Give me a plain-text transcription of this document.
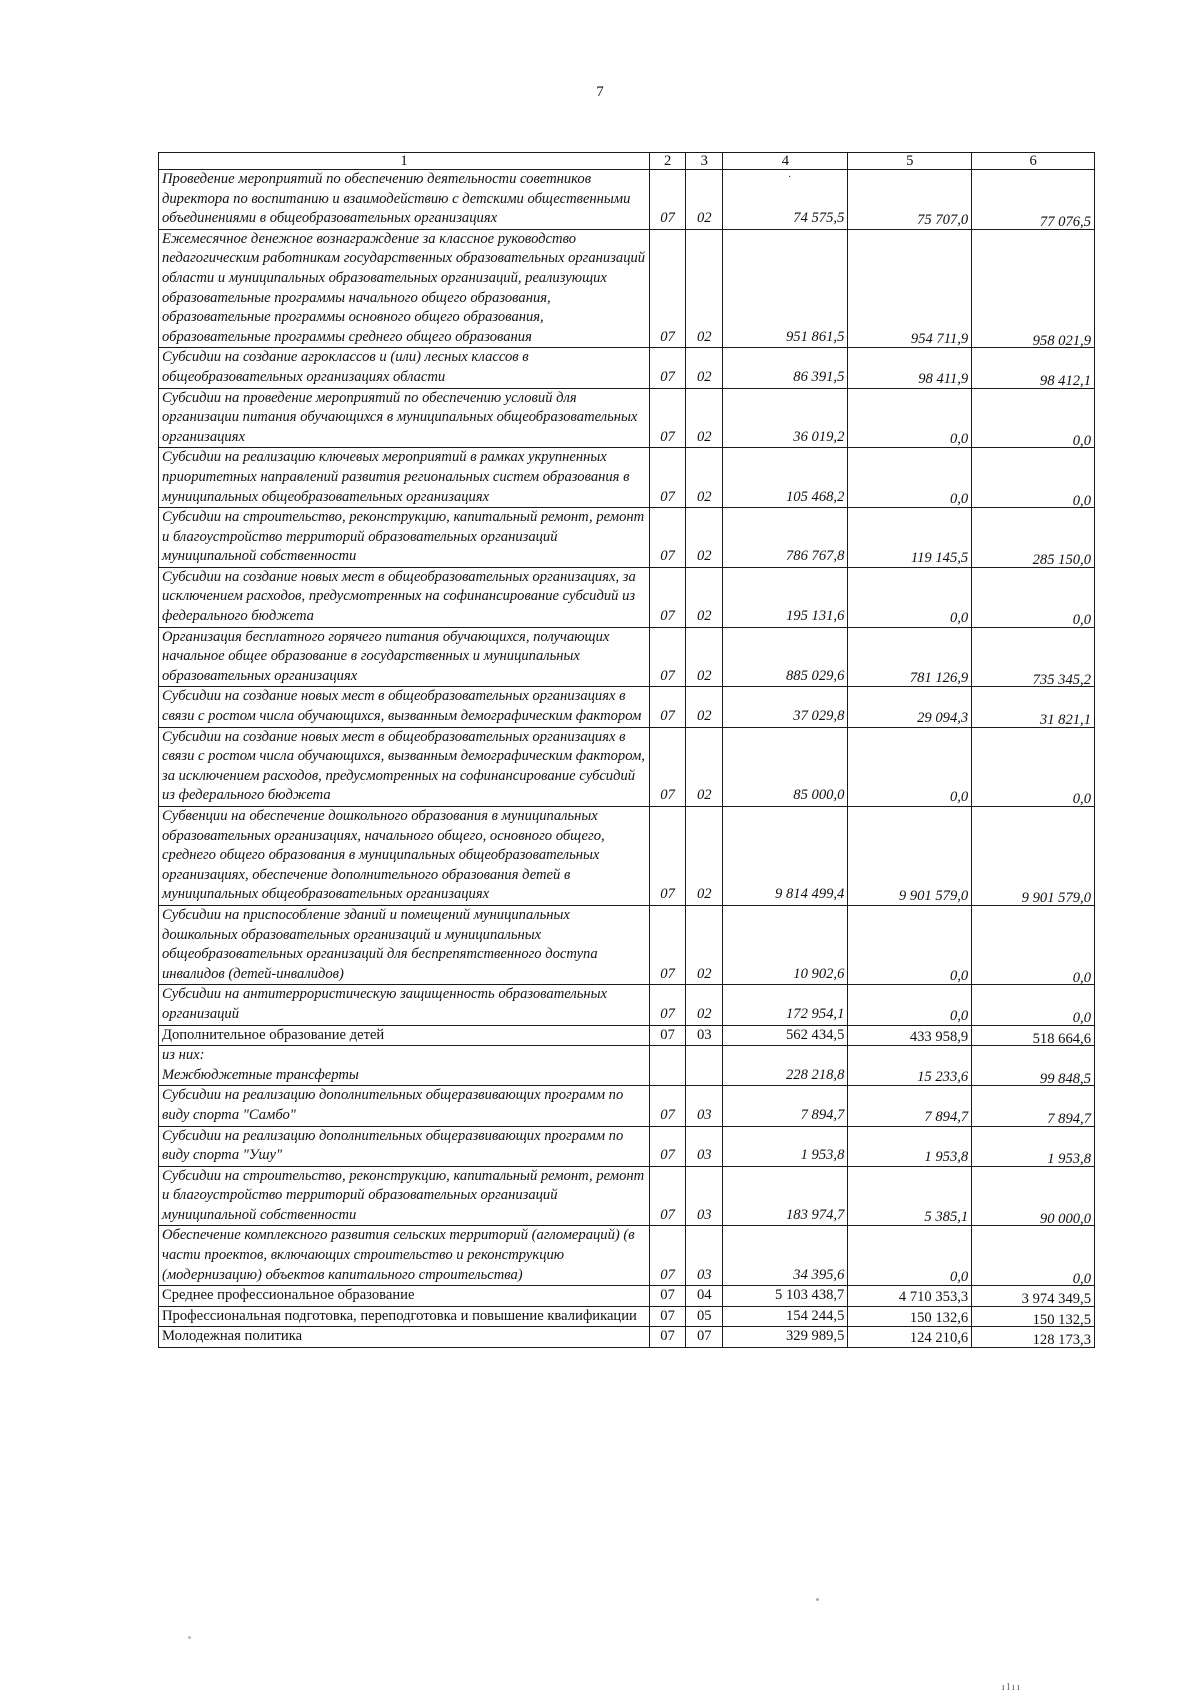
7
·
1	2	3	4	5	6
Проведение мероприятий по обеспечению деятельности советников директора по воспитанию и взаимодействию с детскими общественными объединениями в общеобразовательных организациях	07	02	74 575,5	75 707,0	77 076,5
Ежемесячное денежное вознаграждение за классное руководство педагогическим работникам государственных образовательных организаций области и муниципальных образовательных организаций, реализующих образовательные программы начального общего образования, образовательные программы основного общего образования, образовательные программы среднего общего образования	07	02	951 861,5	954 711,9	958 021,9
Субсидии на создание агроклассов и (или) лесных классов в общеобразовательных организациях области	07	02	86 391,5	98 411,9	98 412,1
Субсидии на проведение мероприятий по обеспечению условий для организации питания обучающихся в муниципальных общеобразовательных организациях	07	02	36 019,2	0,0	0,0
Субсидии на реализацию ключевых мероприятий в рамках укрупненных приоритетных направлений развития региональных систем образования в муниципальных общеобразовательных организациях	07	02	105 468,2	0,0	0,0
Субсидии на строительство, реконструкцию, капитальный ремонт, ремонт и благоустройство территорий образовательных организаций муниципальной собственности	07	02	786 767,8	119 145,5	285 150,0
Субсидии на создание новых мест в общеобразовательных организациях, за исключением расходов, предусмотренных на софинансирование субсидий из федерального бюджета	07	02	195 131,6	0,0	0,0
Организация бесплатного горячего питания обучающихся, получающих начальное общее образование в государственных и муниципальных образовательных организациях	07	02	885 029,6	781 126,9	735 345,2
Субсидии на создание новых мест в общеобразовательных организациях в связи с ростом числа обучающихся, вызванным демографическим фактором	07	02	37 029,8	29 094,3	31 821,1
Субсидии на создание новых мест в общеобразовательных организациях в связи с ростом числа обучающихся, вызванным демографическим фактором, за исключением расходов, предусмотренных на софинансирование субсидий из федерального бюджета	07	02	85 000,0	0,0	0,0
Субвенции на обеспечение дошкольного образования в муниципальных образовательных организациях, начального общего, основного общего, среднего общего образования в муниципальных общеобразовательных организациях, обеспечение дополнительного образования детей в муниципальных общеобразовательных организациях	07	02	9 814 499,4	9 901 579,0	9 901 579,0
Субсидии на приспособление зданий и помещений муниципальных дошкольных образовательных организаций и муниципальных общеобразовательных организаций для беспрепятственного доступа инвалидов (детей-инвалидов)	07	02	10 902,6	0,0	0,0
Субсидии на антитеррористическую защищенность образовательных организаций	07	02	172 954,1	0,0	0,0
Дополнительное образование детей	07	03	562 434,5	433 958,9	518 664,6
из них:
Межбюджетные трансферты			228 218,8	15 233,6	99 848,5
Субсидии на реализацию дополнительных общеразвивающих программ по виду спорта "Самбо"	07	03	7 894,7	7 894,7	7 894,7
Субсидии на реализацию дополнительных общеразвивающих программ по виду спорта "Ушу"	07	03	1 953,8	1 953,8	1 953,8
Субсидии на строительство, реконструкцию, капитальный ремонт, ремонт и благоустройство территорий образовательных организаций муниципальной собственности	07	03	183 974,7	5 385,1	90 000,0
Обеспечение комплексного развития сельских территорий (агломераций) (в части проектов, включающих строительство и реконструкцию (модернизацию) объектов капитального строительства)	07	03	34 395,6	0,0	0,0
Среднее профессиональное образование	07	04	5 103 438,7	4 710 353,3	3 974 349,5
Профессиональная подготовка, переподготовка и повышение квалификации	07	05	154 244,5	150 132,6	150 132,5
Молодежная политика	07	07	329 989,5	124 210,6	128 173,3
ılıı
